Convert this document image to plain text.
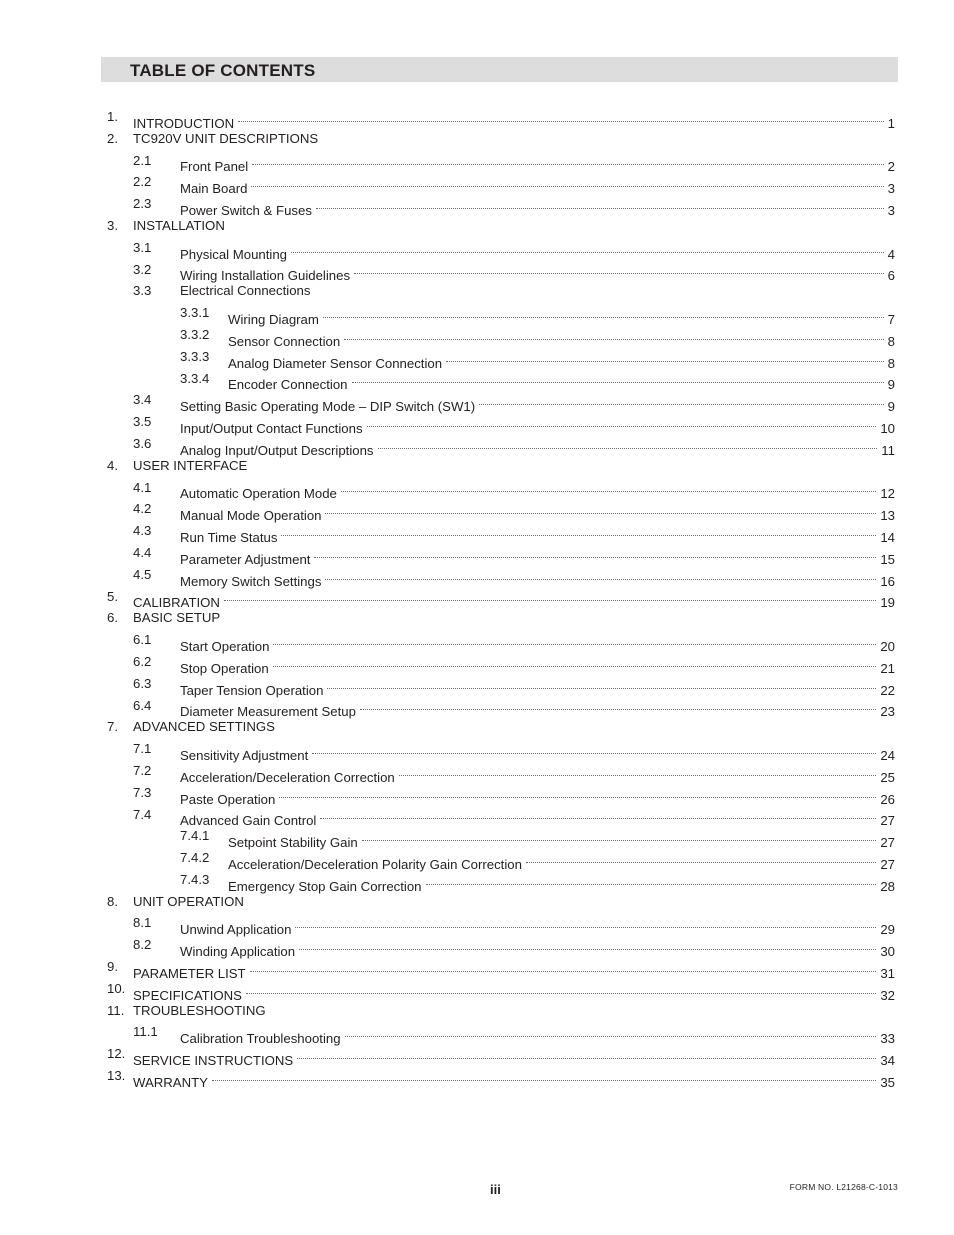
TABLE OF CONTENTS
1. INTRODUCTION	1
2. TC920V UNIT DESCRIPTIONS
2.1 Front Panel	2
2.2 Main Board	3
2.3 Power Switch & Fuses	3
3. INSTALLATION
3.1 Physical Mounting	4
3.2 Wiring Installation Guidelines	6
3.3 Electrical Connections
3.3.1 Wiring Diagram	7
3.3.2 Sensor Connection	8
3.3.3 Analog Diameter Sensor Connection	8
3.3.4 Encoder Connection	9
3.4 Setting Basic Operating Mode – DIP Switch (SW1)	9
3.5 Input/Output Contact Functions	10
3.6 Analog Input/Output Descriptions	11
4. USER INTERFACE
4.1 Automatic Operation Mode	12
4.2 Manual Mode Operation	13
4.3 Run Time Status	14
4.4 Parameter Adjustment	15
4.5 Memory Switch Settings	16
5. CALIBRATION	19
6. BASIC SETUP
6.1 Start Operation	20
6.2 Stop Operation	21
6.3 Taper Tension Operation	22
6.4 Diameter Measurement Setup	23
7. ADVANCED SETTINGS
7.1 Sensitivity Adjustment	24
7.2 Acceleration/Deceleration Correction	25
7.3 Paste Operation	26
7.4 Advanced Gain Control	27
7.4.1 Setpoint Stability Gain	27
7.4.2 Acceleration/Deceleration Polarity Gain Correction	27
7.4.3 Emergency Stop Gain Correction	28
8. UNIT OPERATION
8.1 Unwind Application	29
8.2 Winding Application	30
9. PARAMETER LIST	31
10. SPECIFICATIONS	32
11. TROUBLESHOOTING
11.1 Calibration Troubleshooting	33
12. SERVICE INSTRUCTIONS	34
13. WARRANTY	35
iii	FORM NO. L21268-C-1013
